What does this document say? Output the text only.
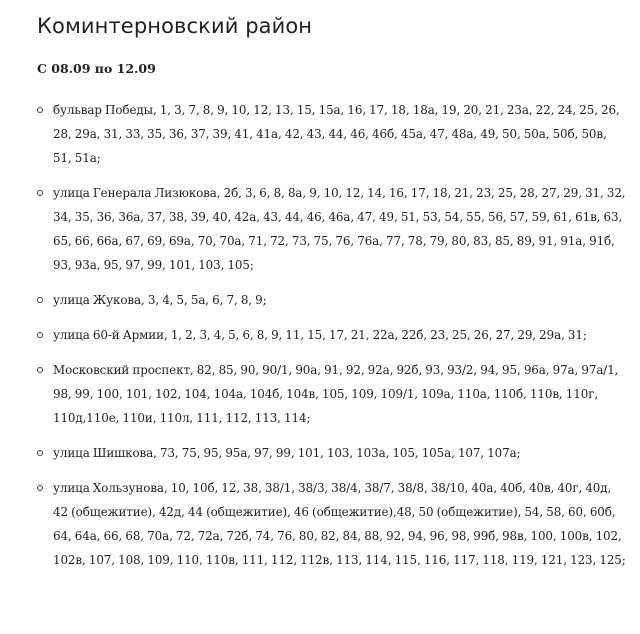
Коминтерновский район
С 08.09 по 12.09
бульвар Победы, 1, 3, 7, 8, 9, 10, 12, 13, 15, 15а, 16, 17, 18, 18а, 19, 20, 21, 23а, 22, 24, 25, 26, 28, 29а, 31, 33, 35, 36, 37, 39, 41, 41а, 42, 43, 44, 46, 46б, 45а, 47, 48а, 49, 50, 50а, 50б, 50в, 51, 51а;
улица Генерала Лизюкова, 2б, 3, 6, 8, 8а, 9, 10, 12, 14, 16, 17, 18, 21, 23, 25, 28, 27, 29, 31, 32, 34, 35, 36, 36а, 37, 38, 39, 40, 42а, 43, 44, 46, 46а, 47, 49, 51, 53, 54, 55, 56, 57, 59, 61, 61в, 63, 65, 66, 66а, 67, 69, 69а, 70, 70а, 71, 72, 73, 75, 76, 76а, 77, 78, 79, 80, 83, 85, 89, 91, 91а, 91б, 93, 93а, 95, 97, 99, 101, 103, 105;
улица Жукова, 3, 4, 5, 5а, 6, 7, 8, 9;
улица 60-й Армии, 1, 2, 3, 4, 5, 6, 8, 9, 11, 15, 17, 21, 22а, 22б, 23, 25, 26, 27, 29, 29а, 31;
Московский проспект, 82, 85, 90, 90/1, 90а, 91, 92, 92а, 92б, 93, 93/2, 94, 95, 96а, 97а, 97а/1, 98, 99, 100, 101, 102, 104, 104а, 104б, 104в, 105, 109, 109/1, 109а, 110а, 110б, 110в, 110г, 110д,110е, 110и, 110л, 111, 112, 113, 114;
улица Шишкова, 73, 75, 95, 95а, 97, 99, 101, 103, 103а, 105, 105а, 107, 107а;
улица Хользунова, 10, 10б, 12, 38, 38/1, 38/3, 38/4, 38/7, 38/8, 38/10, 40а, 40б, 40в, 40г, 40д, 42 (общежитие), 42д, 44 (общежитие), 46 (общежитие),48, 50 (общежитие), 54, 58, 60, 60б, 64, 64а, 66, 68, 70а, 72, 72а, 72б, 74, 76, 80, 82, 84, 88, 92, 94, 96, 98, 99б, 98в, 100, 100в, 102, 102в, 107, 108, 109, 110, 110в, 111, 112, 112в, 113, 114, 115, 116, 117, 118, 119, 121, 123, 125;
